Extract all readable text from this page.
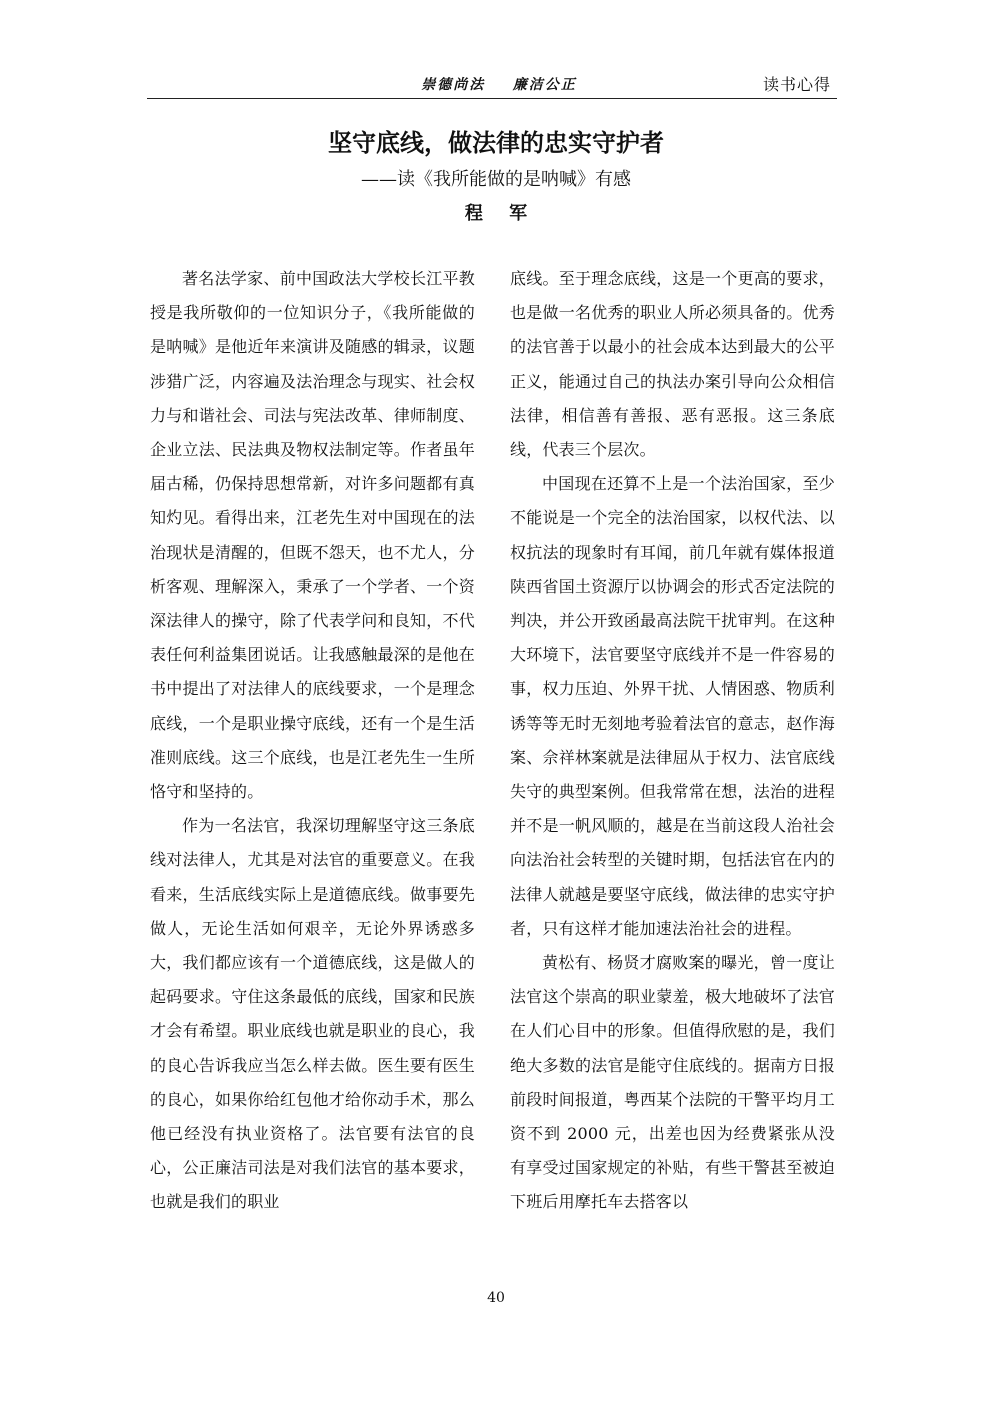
崇德尚法    廉洁公正	读书心得
坚守底线，做法律的忠实守护者
——读《我所能做的是呐喊》有感
程 军

著名法学家、前中国政法大学校长江平教授是我所敬仰的一位知识分子，《我所能做的是呐喊》是他近年来演讲及随感的辑录，议题涉猎广泛，内容遍及法治理念与现实、社会权力与和谐社会、司法与宪法改革、律师制度、企业立法、民法典及物权法制定等。作者虽年届古稀，仍保持思想常新，对许多问题都有真知灼见。看得出来，江老先生对中国现在的法治现状是清醒的，但既不怨天，也不尤人，分析客观、理解深入，秉承了一个学者、一个资深法律人的操守，除了代表学问和良知，不代表任何利益集团说话。让我感触最深的是他在书中提出了对法律人的底线要求，一个是理念底线，一个是职业操守底线，还有一个是生活准则底线。这三个底线，也是江老先生一生所恪守和坚持的。

作为一名法官，我深切理解坚守这三条底线对法律人，尤其是对法官的重要意义。在我看来，生活底线实际上是道德底线。做事要先做人，无论生活如何艰辛，无论外界诱惑多大，我们都应该有一个道德底线，这是做人的起码要求。守住这条最低的底线，国家和民族才会有希望。职业底线也就是职业的良心，我的良心告诉我应当怎么样去做。医生要有医生的良心，如果你给红包他才给你动手术，那么他已经没有执业资格了。法官要有法官的良心，公正廉洁司法是对我们法官的基本要求，也就是我们的职业

底线。至于理念底线，这是一个更高的要求，也是做一名优秀的职业人所必须具备的。优秀的法官善于以最小的社会成本达到最大的公平正义，能通过自己的执法办案引导向公众相信法律，相信善有善报、恶有恶报。这三条底线，代表三个层次。

中国现在还算不上是一个法治国家，至少不能说是一个完全的法治国家，以权代法、以权抗法的现象时有耳闻，前几年就有媒体报道陕西省国土资源厅以协调会的形式否定法院的判决，并公开致函最高法院干扰审判。在这种大环境下，法官要坚守底线并不是一件容易的事，权力压迫、外界干扰、人情困惑、物质利诱等等无时无刻地考验着法官的意志，赵作海案、佘祥林案就是法律屈从于权力、法官底线失守的典型案例。但我常常在想，法治的进程并不是一帆风顺的，越是在当前这段人治社会向法治社会转型的关键时期，包括法官在内的法律人就越是要坚守底线，做法律的忠实守护者，只有这样才能加速法治社会的进程。

黄松有、杨贤才腐败案的曝光，曾一度让法官这个崇高的职业蒙羞，极大地破坏了法官在人们心目中的形象。但值得欣慰的是，我们绝大多数的法官是能守住底线的。据南方日报前段时间报道，粤西某个法院的干警平均月工资不到 2000 元，出差也因为经费紧张从没有享受过国家规定的补贴，有些干警甚至被迫下班后用摩托车去搭客以

40
